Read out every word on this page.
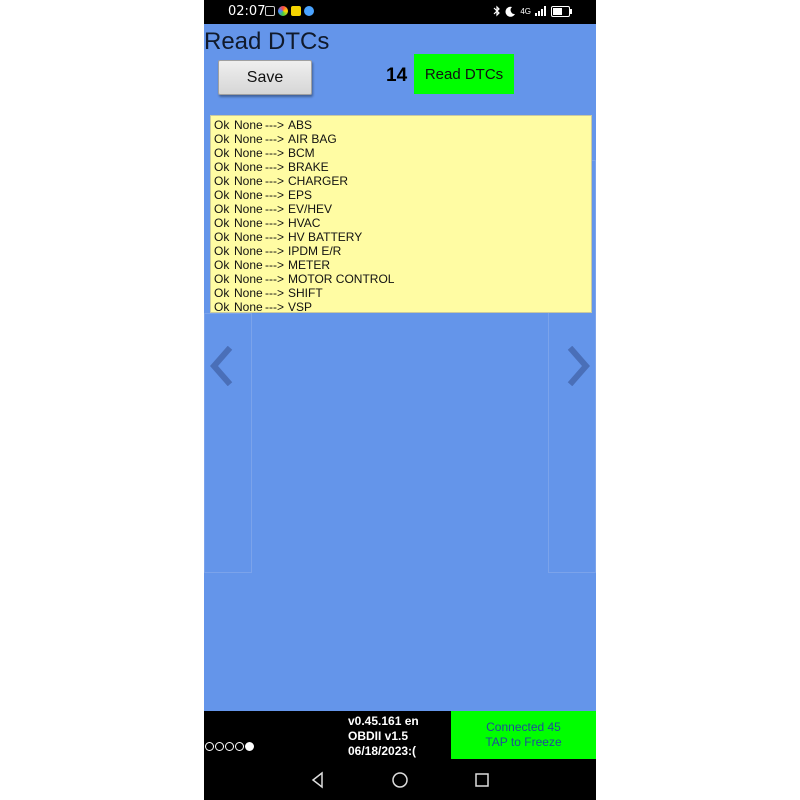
02:07	4G
Read DTCs
Save	14	Read DTCs
Ok None ---> ABS
Ok None ---> AIR BAG
Ok None ---> BCM
Ok None ---> BRAKE
Ok None ---> CHARGER
Ok None ---> EPS
Ok None ---> EV/HEV
Ok None ---> HVAC
Ok None ---> HV BATTERY
Ok None ---> IPDM E/R
Ok None ---> METER
Ok None ---> MOTOR CONTROL
Ok None ---> SHIFT
Ok None ---> VSP
v0.45.161 en
OBDII v1.5
06/18/2023:(
Connected 45
TAP to Freeze
